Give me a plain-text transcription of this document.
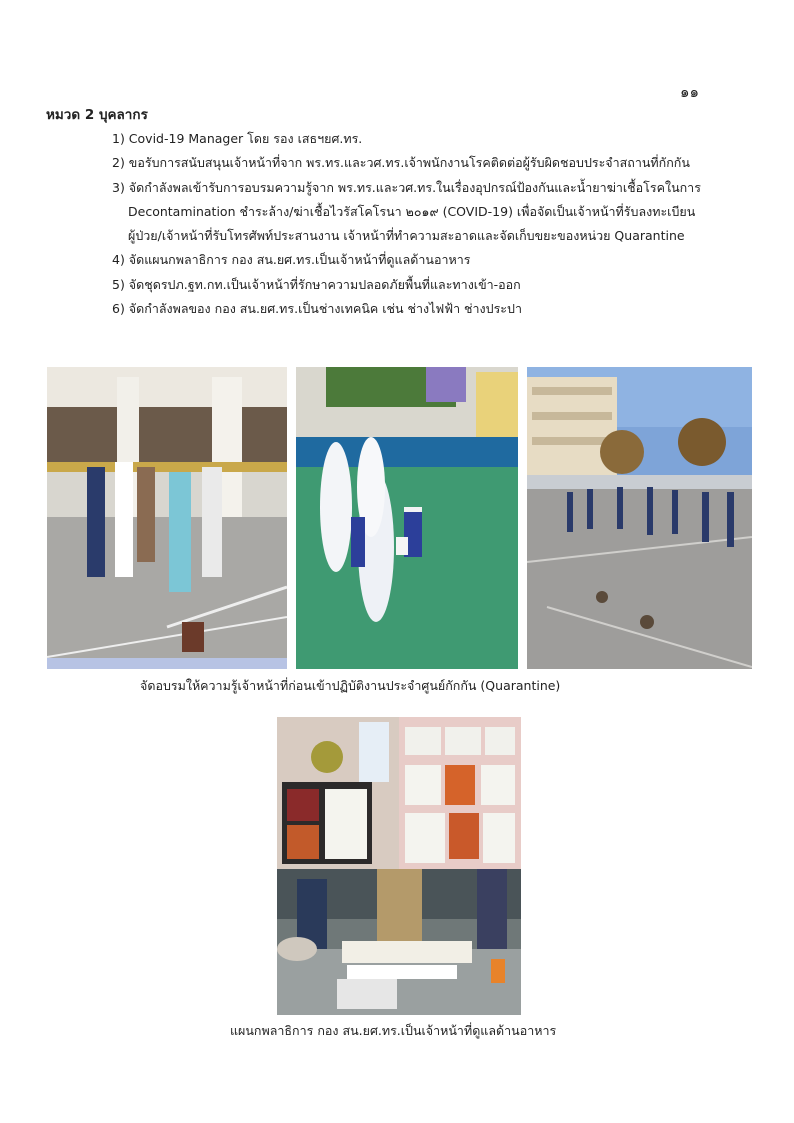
๑๑
หมวด 2 บุคลากร
1) Covid-19 Manager โดย รอง เสธฯยศ.ทร.
2) ขอรับการสนับสนุนเจ้าหน้าที่จาก พร.ทร.และวศ.ทร.เจ้าพนักงานโรคติดต่อผู้รับผิดชอบประจำสถานที่กักกัน
3) จัดกำลังพลเข้ารับการอบรมความรู้จาก พร.ทร.และวศ.ทร.ในเรื่องอุปกรณ์ป้องกันและน้ำยาฆ่าเชื้อโรคในการ
Decontamination ชำระล้าง/ฆ่าเชื้อไวรัสโคโรนา ๒๐๑๙ (COVID-19) เพื่อจัดเป็นเจ้าหน้าที่รับลงทะเบียน
ผู้ป่วย/เจ้าหน้าที่รับโทรศัพท์ประสานงาน เจ้าหน้าที่ทำความสะอาดและจัดเก็บขยะของหน่วย Quarantine
4) จัดแผนกพลาธิการ กอง สน.ยศ.ทร.เป็นเจ้าหน้าที่ดูแลด้านอาหาร
5) จัดชุดรปภ.ฐท.กท.เป็นเจ้าหน้าที่รักษาความปลอดภัยพื้นที่และทางเข้า-ออก
6) จัดกำลังพลของ กอง สน.ยศ.ทร.เป็นช่างเทคนิค เช่น ช่างไฟฟ้า ช่างประปา
จัดอบรมให้ความรู้เจ้าหน้าที่ก่อนเข้าปฏิบัติงานประจำศูนย์กักกัน (Quarantine)
แผนกพลาธิการ กอง สน.ยศ.ทร.เป็นเจ้าหน้าที่ดูแลด้านอาหาร
